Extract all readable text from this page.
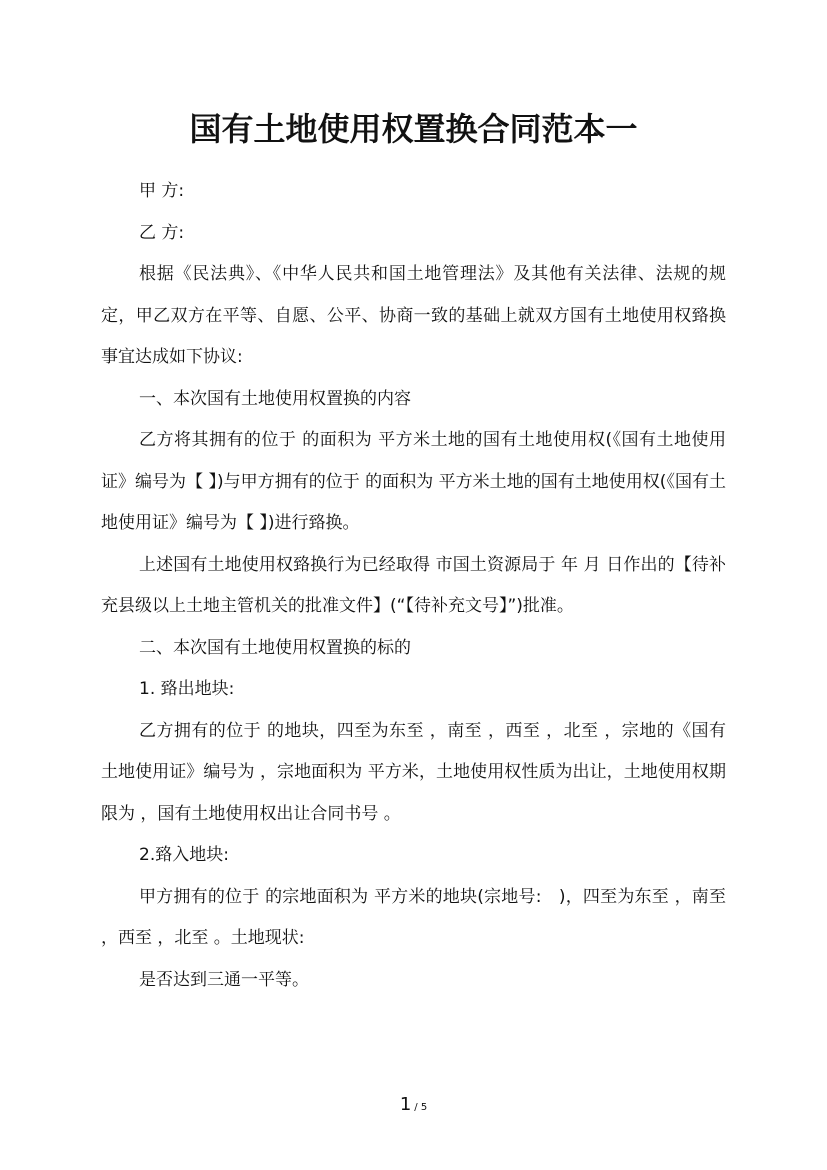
国有土地使用权置换合同范本一

甲 方:

乙 方:

根据《民法典》、《中华人民共和国土地管理法》及其他有关法律、法规的规定，甲乙双方在平等、自愿、公平、协商一致的基础上就双方国有土地使用权臵换事宜达成如下协议:

一、本次国有土地使用权置换的内容

乙方将其拥有的位于 的面积为 平方米土地的国有土地使用权(《国有土地使用证》编号为【 】)与甲方拥有的位于 的面积为 平方米土地的国有土地使用权(《国有土地使用证》编号为【 】)进行臵换。

上述国有土地使用权臵换行为已经取得 市国土资源局于 年 月 日作出的【待补充县级以上土地主管机关的批准文件】(“【待补充文号】”)批准。

二、本次国有土地使用权置换的标的

1. 臵出地块:

乙方拥有的位于 的地块，四至为东至 ，南至 ，西至 ，北至 ，宗地的《国有土地使用证》编号为 ，宗地面积为 平方米，土地使用权性质为出让，土地使用权期限为 ，国有土地使用权出让合同书号 。

2.臵入地块:

甲方拥有的位于 的宗地面积为 平方米的地块(宗地号:　)，四至为东至 ，南至 ，西至 ，北至 。土地现状:

是否达到三通一平等。

1 / 5
